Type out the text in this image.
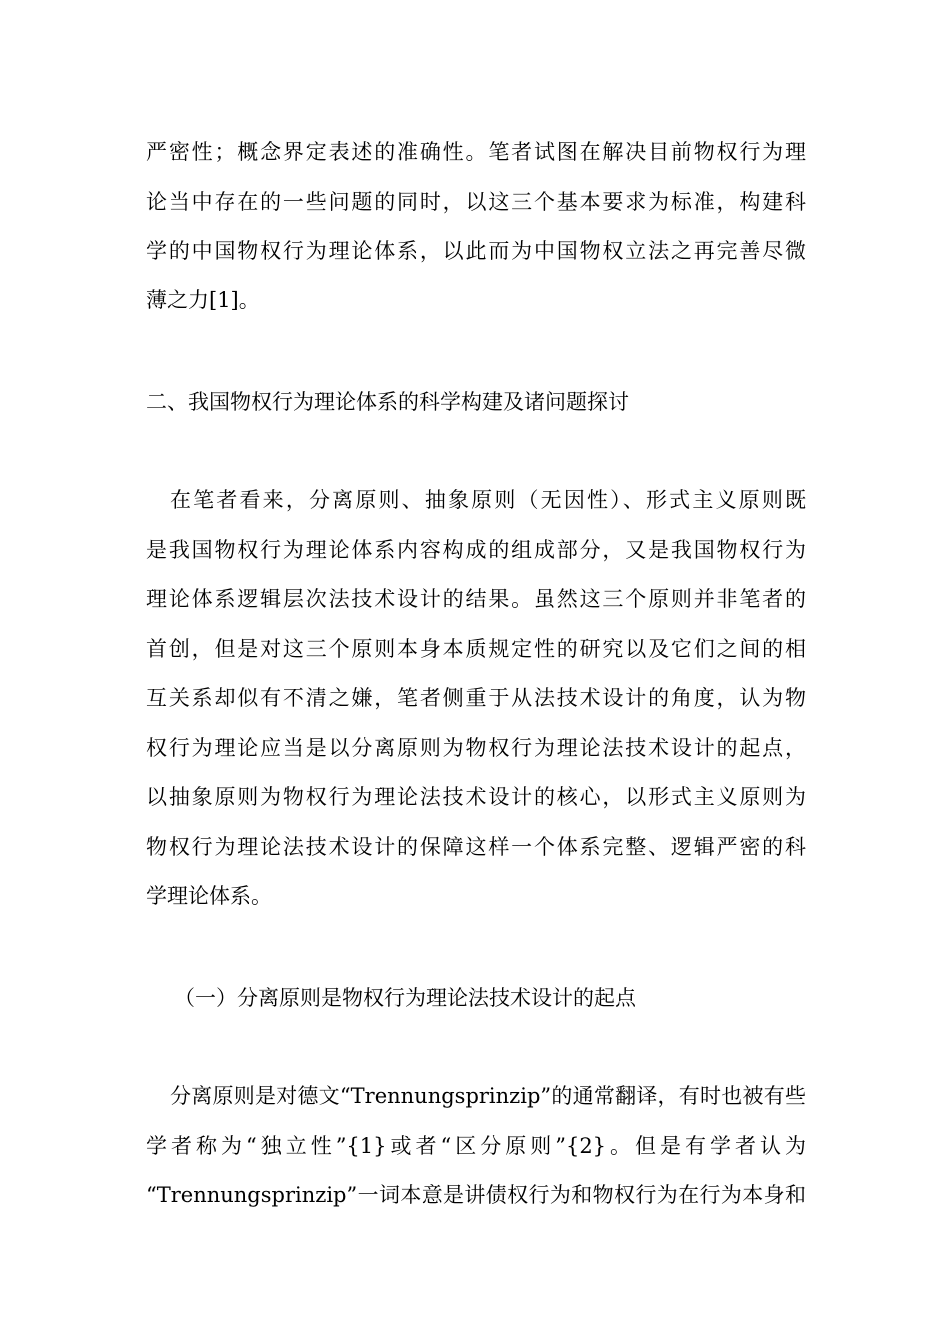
严密性；概念界定表述的准确性。笔者试图在解决目前物权行为理
论当中存在的一些问题的同时，以这三个基本要求为标准，构建科
学的中国物权行为理论体系，以此而为中国物权立法之再完善尽微
薄之力[1]。
二、我国物权行为理论体系的科学构建及诸问题探讨
在笔者看来，分离原则、抽象原则（无因性）、形式主义原则既
是我国物权行为理论体系内容构成的组成部分，又是我国物权行为
理论体系逻辑层次法技术设计的结果。虽然这三个原则并非笔者的
首创，但是对这三个原则本身本质规定性的研究以及它们之间的相
互关系却似有不清之嫌，笔者侧重于从法技术设计的角度，认为物
权行为理论应当是以分离原则为物权行为理论法技术设计的起点，
以抽象原则为物权行为理论法技术设计的核心，以形式主义原则为
物权行为理论法技术设计的保障这样一个体系完整、逻辑严密的科
学理论体系。
（一）分离原则是物权行为理论法技术设计的起点
分离原则是对德文“Trennungsprinzip”的通常翻译，有时也被有些
学者称为“独立性”{1}或者“区分原则”{2}。但是有学者认为
“Trennungsprinzip”一词本意是讲债权行为和物权行为在行为本身和
